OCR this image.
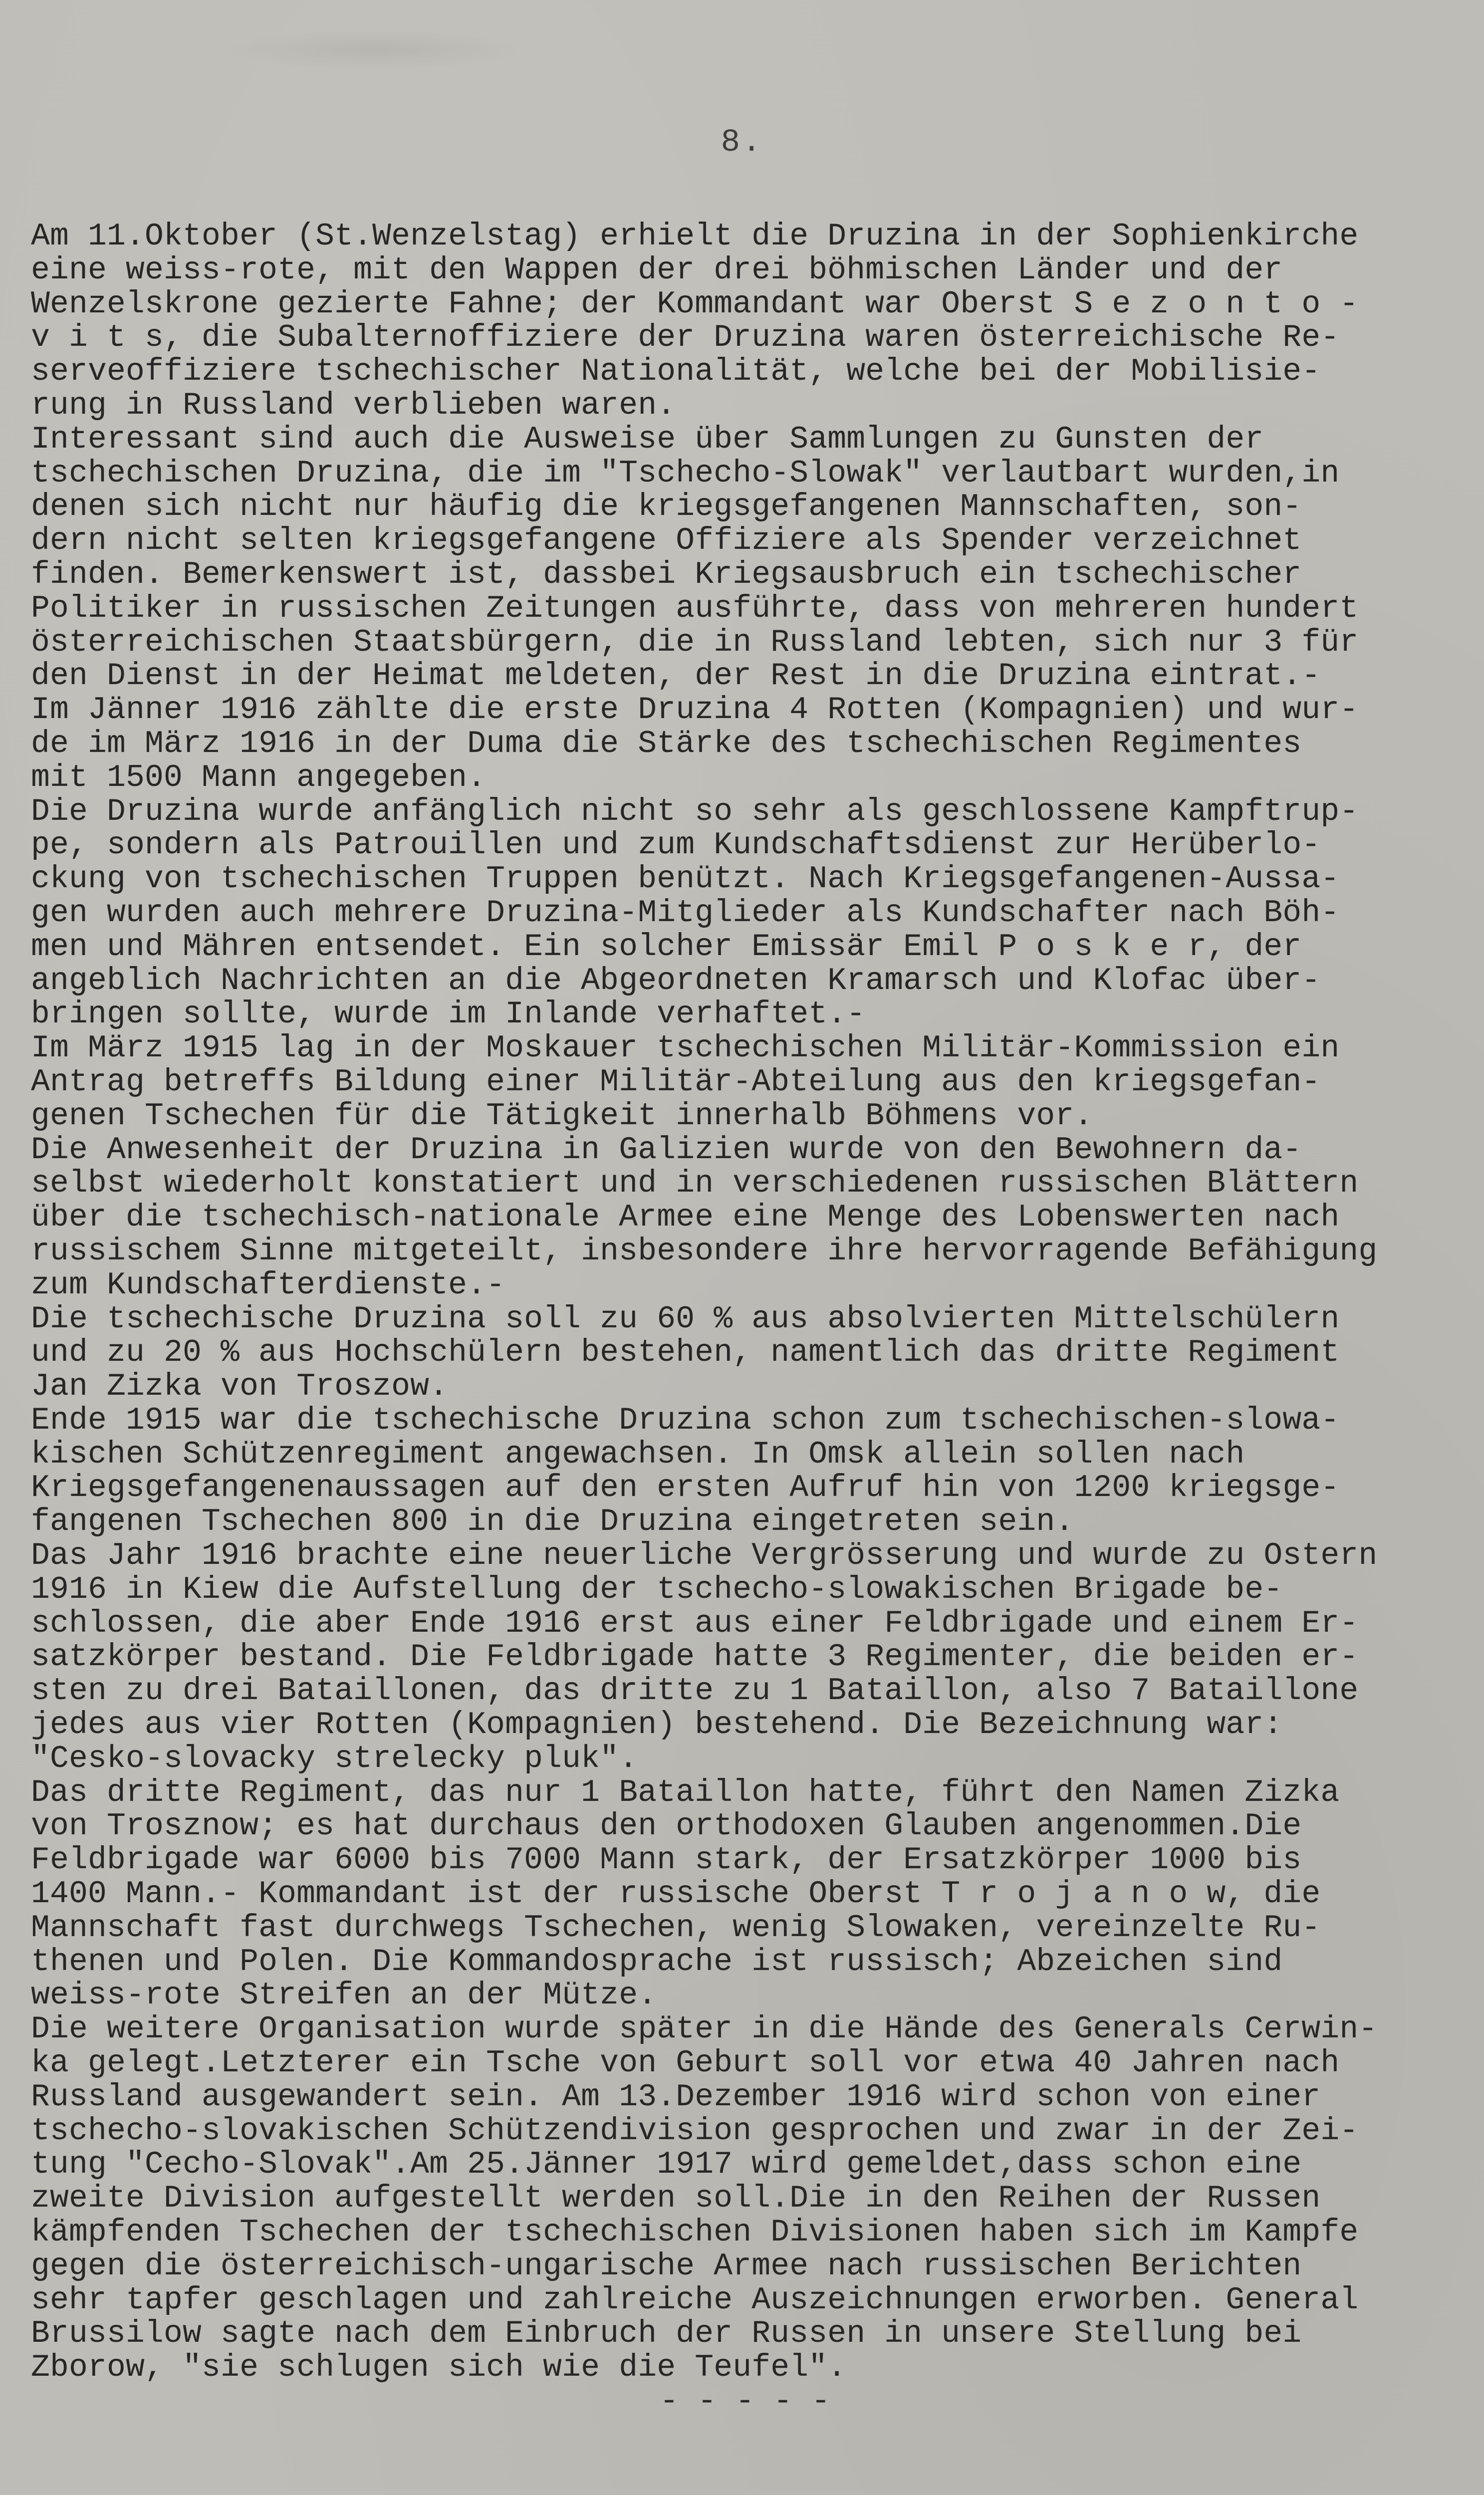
8.
Am 11.Oktober (St.Wenzelstag) erhielt die Druzina in der Sophienkirche
eine weiss-rote, mit den Wappen der drei böhmischen Länder und der
Wenzelskrone gezierte Fahne; der Kommandant war Oberst S e z o n t o -
v i t s, die Subalternoffiziere der Druzina waren österreichische Re-
serveoffiziere tschechischer Nationalität, welche bei der Mobilisie-
rung in Russland verblieben waren.
Interessant sind auch die Ausweise über Sammlungen zu Gunsten der
tschechischen Druzina, die im "Tschecho-Slowak" verlautbart wurden,in
denen sich nicht nur häufig die kriegsgefangenen Mannschaften, son-
dern nicht selten kriegsgefangene Offiziere als Spender verzeichnet
finden. Bemerkenswert ist, dassbei Kriegsausbruch ein tschechischer
Politiker in russischen Zeitungen ausführte, dass von mehreren hundert
österreichischen Staatsbürgern, die in Russland lebten, sich nur 3 für
den Dienst in der Heimat meldeten, der Rest in die Druzina eintrat.-
Im Jänner 1916 zählte die erste Druzina 4 Rotten (Kompagnien) und wur-
de im März 1916 in der Duma die Stärke des tschechischen Regimentes
mit 1500 Mann angegeben.
Die Druzina wurde anfänglich nicht so sehr als geschlossene Kampftrup-
pe, sondern als Patrouillen und zum Kundschaftsdienst zur Herüberlo-
ckung von tschechischen Truppen benützt. Nach Kriegsgefangenen-Aussa-
gen wurden auch mehrere Druzina-Mitglieder als Kundschafter nach Böh-
men und Mähren entsendet. Ein solcher Emissär Emil P o s k e r, der
angeblich Nachrichten an die Abgeordneten Kramarsch und Klofac über-
bringen sollte, wurde im Inlande verhaftet.-
Im März 1915 lag in der Moskauer tschechischen Militär-Kommission ein
Antrag betreffs Bildung einer Militär-Abteilung aus den kriegsgefan-
genen Tschechen für die Tätigkeit innerhalb Böhmens vor.
Die Anwesenheit der Druzina in Galizien wurde von den Bewohnern da-
selbst wiederholt konstatiert und in verschiedenen russischen Blättern
über die tschechisch-nationale Armee eine Menge des Lobenswerten nach
russischem Sinne mitgeteilt, insbesondere ihre hervorragende Befähigung
zum Kundschafterdienste.-
Die tschechische Druzina soll zu 60 % aus absolvierten Mittelschülern
und zu 20 % aus Hochschülern bestehen, namentlich das dritte Regiment
Jan Zizka von Troszow.
Ende 1915 war die tschechische Druzina schon zum tschechischen-slowa-
kischen Schützenregiment angewachsen. In Omsk allein sollen nach
Kriegsgefangenenaussagen auf den ersten Aufruf hin von 1200 kriegsge-
fangenen Tschechen 800 in die Druzina eingetreten sein.
Das Jahr 1916 brachte eine neuerliche Vergrösserung und wurde zu Ostern
1916 in Kiew die Aufstellung der tschecho-slowakischen Brigade be-
schlossen, die aber Ende 1916 erst aus einer Feldbrigade und einem Er-
satzkörper bestand. Die Feldbrigade hatte 3 Regimenter, die beiden er-
sten zu drei Bataillonen, das dritte zu 1 Bataillon, also 7 Bataillone
jedes aus vier Rotten (Kompagnien) bestehend. Die Bezeichnung war:
"Cesko-slovacky strelecky pluk".
Das dritte Regiment, das nur 1 Bataillon hatte, führt den Namen Zizka
von Trosznow; es hat durchaus den orthodoxen Glauben angenommen.Die
Feldbrigade war 6000 bis 7000 Mann stark, der Ersatzkörper 1000 bis
1400 Mann.- Kommandant ist der russische Oberst T r o j a n o w, die
Mannschaft fast durchwegs Tschechen, wenig Slowaken, vereinzelte Ru-
thenen und Polen. Die Kommandosprache ist russisch; Abzeichen sind
weiss-rote Streifen an der Mütze.
Die weitere Organisation wurde später in die Hände des Generals Cerwin-
ka gelegt.Letzterer ein Tsche von Geburt soll vor etwa 40 Jahren nach
Russland ausgewandert sein. Am 13.Dezember 1916 wird schon von einer
tschecho-slovakischen Schützendivision gesprochen und zwar in der Zei-
tung "Cecho-Slovak".Am 25.Jänner 1917 wird gemeldet,dass schon eine
zweite Division aufgestellt werden soll.Die in den Reihen der Russen
kämpfenden Tschechen der tschechischen Divisionen haben sich im Kampfe
gegen die österreichisch-ungarische Armee nach russischen Berichten
sehr tapfer geschlagen und zahlreiche Auszeichnungen erworben. General
Brussilow sagte nach dem Einbruch der Russen in unsere Stellung bei
Zborow, "sie schlugen sich wie die Teufel".
- - - - -
